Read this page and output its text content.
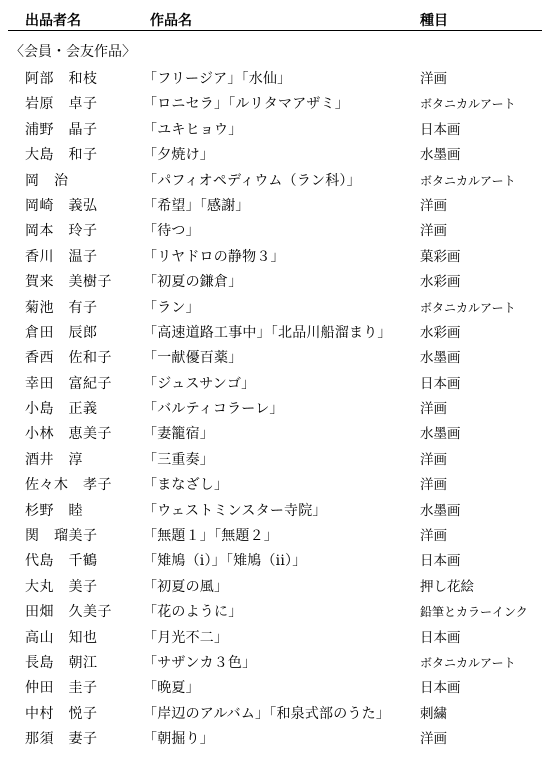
出品者名	作品名	種目
〈会員・会友作品〉
阿部　和枝	「フリージア」「水仙」	洋画
岩原　卓子	「ロニセラ」「ルリタマアザミ」	ボタニカルアート
浦野　晶子	「ユキヒョウ」	日本画
大島　和子	「夕焼け」	水墨画
岡　治	「パフィオペディウム（ラン科）」	ボタニカルアート
岡崎　義弘	「希望」「感謝」	洋画
岡本　玲子	「待つ」	洋画
香川　温子	「リヤドロの静物３」	菓彩画
賀来　美樹子 「初夏の鎌倉」	水彩画
菊池　有子	「ラン」	ボタニカルアート
倉田　辰郎	「高速道路工事中」「北品川船溜まり」 水彩画
香西　佐和子 「一献優百薬」	水墨画
幸田　富紀子 「ジュスサンゴ」	日本画
小島　正義	「バルティコラーレ」	洋画
小林　恵美子 「妻籠宿」	水墨画
酒井　淳	「三重奏」	洋画
佐々木　孝子 「まなざし」	洋画
杉野　睦	「ウェストミンスター寺院」	水墨画
関　瑠美子	「無題１」「無題２」	洋画
代島　千鶴	「雉鳩（i）」「雉鳩（ii）」	日本画
大丸　美子	「初夏の風」	押し花絵
田畑　久美子 「花のように」	鉛筆とカラーインク
高山　知也	「月光不二」	日本画
長島　朝江	「サザンカ３色」	ボタニカルアート
仲田　圭子	「晩夏」	日本画
中村　悦子	「岸辺のアルバム」「和泉式部のうた」 刺繍
那須　妻子	「朝掘り」	洋画
